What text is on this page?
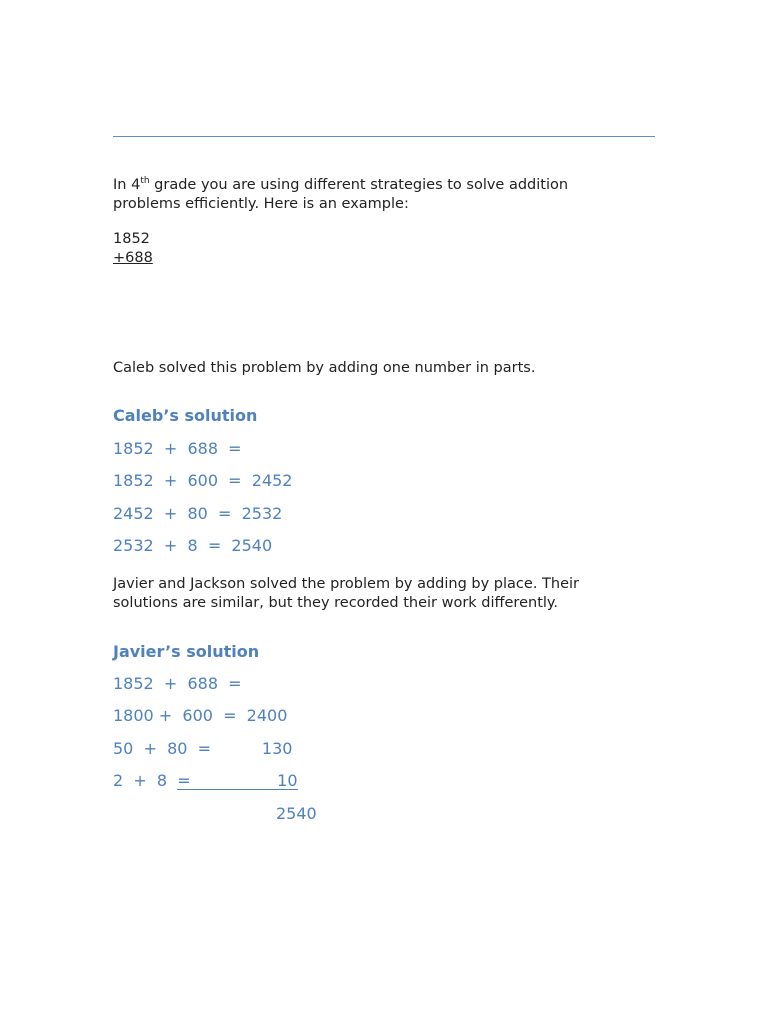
In 4th grade you are using different strategies to solve addition
problems efficiently. Here is an example:
1852
+688
Caleb solved this problem by adding one number in parts.
Caleb’s solution
1852  +  688  =
1852  +  600  =  2452
2452  +  80  =  2532
2532  +  8  =  2540
Javier and Jackson solved the problem by adding by place. Their
solutions are similar, but they recorded their work differently.
Javier’s solution
1852  +  688  =
1800 +  600  =  2400
50  +  80  =          130
2  +  8  =                 10
2540
